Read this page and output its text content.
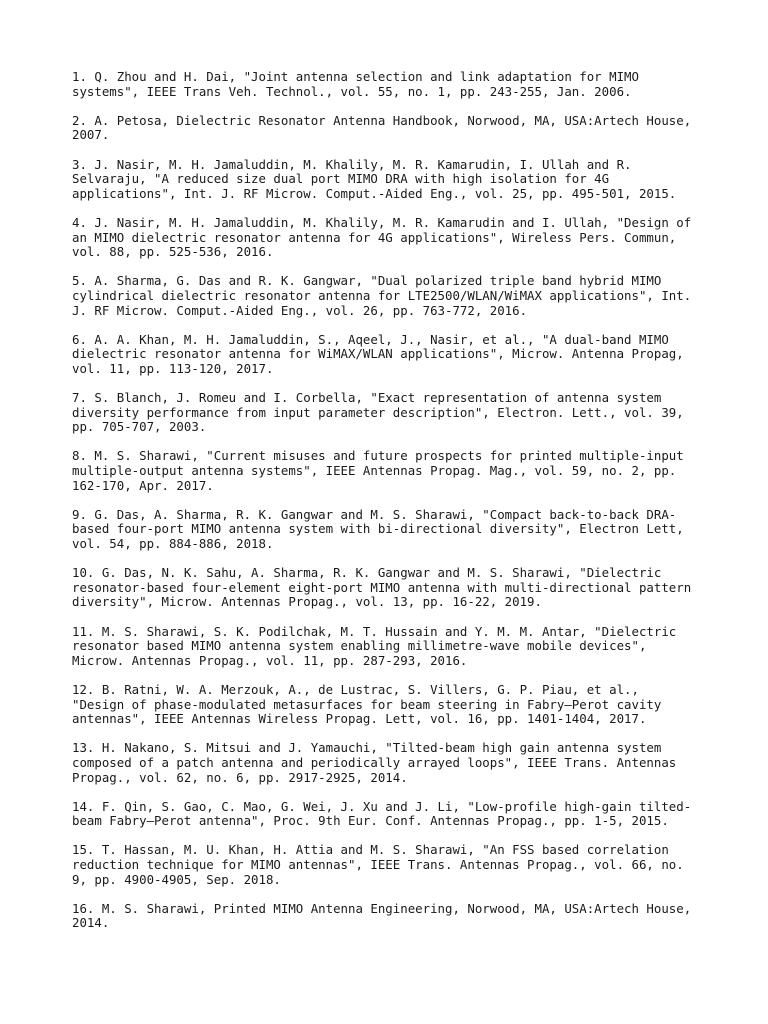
1. Q. Zhou and H. Dai, "Joint antenna selection and link adaptation for MIMO
systems", IEEE Trans Veh. Technol., vol. 55, no. 1, pp. 243-255, Jan. 2006.
2. A. Petosa, Dielectric Resonator Antenna Handbook, Norwood, MA, USA:Artech House,
2007.
3. J. Nasir, M. H. Jamaluddin, M. Khalily, M. R. Kamarudin, I. Ullah and R.
Selvaraju, "A reduced size dual port MIMO DRA with high isolation for 4G
applications", Int. J. RF Microw. Comput.-Aided Eng., vol. 25, pp. 495-501, 2015.
4. J. Nasir, M. H. Jamaluddin, M. Khalily, M. R. Kamarudin and I. Ullah, "Design of
an MIMO dielectric resonator antenna for 4G applications", Wireless Pers. Commun,
vol. 88, pp. 525-536, 2016.
5. A. Sharma, G. Das and R. K. Gangwar, "Dual polarized triple band hybrid MIMO
cylindrical dielectric resonator antenna for LTE2500/WLAN/WiMAX applications", Int.
J. RF Microw. Comput.-Aided Eng., vol. 26, pp. 763-772, 2016.
6. A. A. Khan, M. H. Jamaluddin, S., Aqeel, J., Nasir, et al., "A dual-band MIMO
dielectric resonator antenna for WiMAX/WLAN applications", Microw. Antenna Propag,
vol. 11, pp. 113-120, 2017.
7. S. Blanch, J. Romeu and I. Corbella, "Exact representation of antenna system
diversity performance from input parameter description", Electron. Lett., vol. 39,
pp. 705-707, 2003.
8. M. S. Sharawi, "Current misuses and future prospects for printed multiple-input
multiple-output antenna systems", IEEE Antennas Propag. Mag., vol. 59, no. 2, pp.
162-170, Apr. 2017.
9. G. Das, A. Sharma, R. K. Gangwar and M. S. Sharawi, "Compact back-to-back DRA-
based four-port MIMO antenna system with bi-directional diversity", Electron Lett,
vol. 54, pp. 884-886, 2018.
10. G. Das, N. K. Sahu, A. Sharma, R. K. Gangwar and M. S. Sharawi, "Dielectric
resonator-based four-element eight-port MIMO antenna with multi-directional pattern
diversity", Microw. Antennas Propag., vol. 13, pp. 16-22, 2019.
11. M. S. Sharawi, S. K. Podilchak, M. T. Hussain and Y. M. M. Antar, "Dielectric
resonator based MIMO antenna system enabling millimetre-wave mobile devices",
Microw. Antennas Propag., vol. 11, pp. 287-293, 2016.
12. B. Ratni, W. A. Merzouk, A., de Lustrac, S. Villers, G. P. Piau, et al.,
"Design of phase-modulated metasurfaces for beam steering in Fabry–Perot cavity
antennas", IEEE Antennas Wireless Propag. Lett, vol. 16, pp. 1401-1404, 2017.
13. H. Nakano, S. Mitsui and J. Yamauchi, "Tilted-beam high gain antenna system
composed of a patch antenna and periodically arrayed loops", IEEE Trans. Antennas
Propag., vol. 62, no. 6, pp. 2917-2925, 2014.
14. F. Qin, S. Gao, C. Mao, G. Wei, J. Xu and J. Li, "Low-profile high-gain tilted-
beam Fabry–Perot antenna", Proc. 9th Eur. Conf. Antennas Propag., pp. 1-5, 2015.
15. T. Hassan, M. U. Khan, H. Attia and M. S. Sharawi, "An FSS based correlation
reduction technique for MIMO antennas", IEEE Trans. Antennas Propag., vol. 66, no.
9, pp. 4900-4905, Sep. 2018.
16. M. S. Sharawi, Printed MIMO Antenna Engineering, Norwood, MA, USA:Artech House,
2014.
